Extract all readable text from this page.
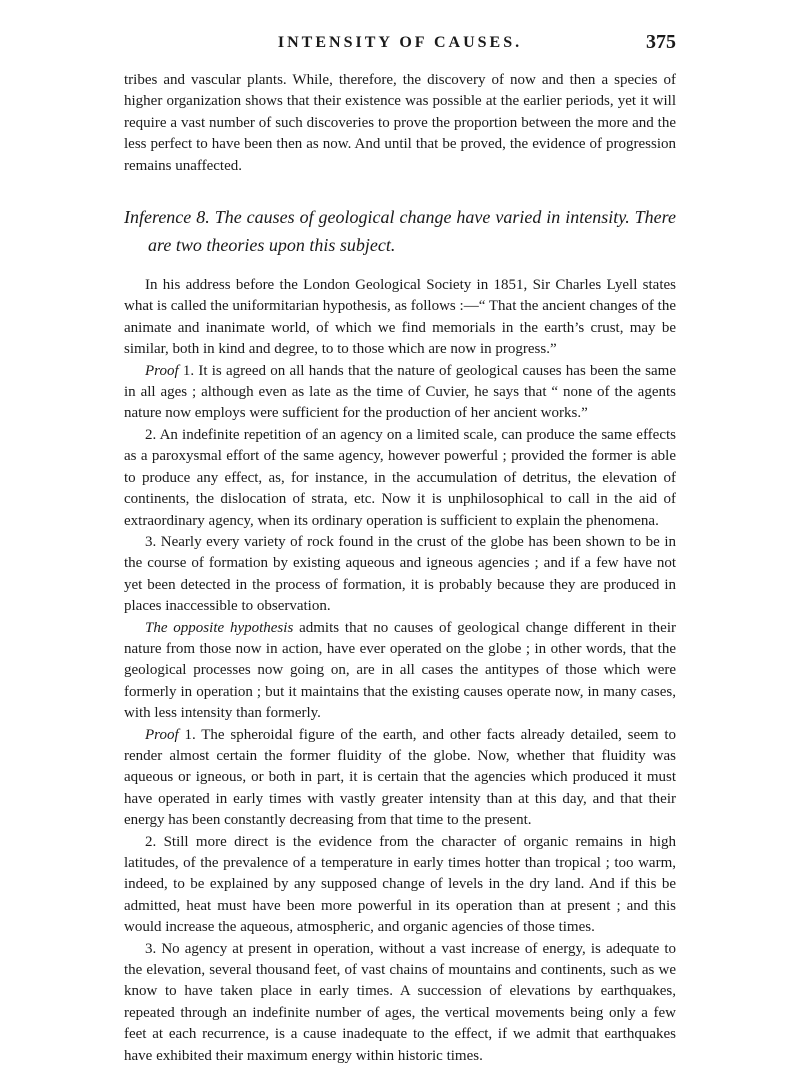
INTENSITY OF CAUSES.	375

tribes and vascular plants. While, therefore, the discovery of now and then a species of higher organization shows that their existence was possible at the earlier periods, yet it will require a vast number of such discoveries to prove the proportion between the more and the less perfect to have been then as now. And until that be proved, the evidence of progression remains unaffected.

Inference 8. The causes of geological change have varied in intensity. There are two theories upon this subject.

In his address before the London Geological Society in 1851, Sir Charles Lyell states what is called the uniformitarian hypothesis, as follows :—“ That the ancient changes of the animate and inanimate world, of which we find memorials in the earth’s crust, may be similar, both in kind and degree, to to those which are now in progress.”

Proof 1. It is agreed on all hands that the nature of geological causes has been the same in all ages ; although even as late as the time of Cuvier, he says that “ none of the agents nature now employs were sufficient for the production of her ancient works.”

2. An indefinite repetition of an agency on a limited scale, can produce the same effects as a paroxysmal effort of the same agency, however powerful ; provided the former is able to produce any effect, as, for instance, in the accumulation of detritus, the elevation of continents, the dislocation of strata, etc. Now it is unphilosophical to call in the aid of extraordinary agency, when its ordinary operation is sufficient to explain the phenomena.

3. Nearly every variety of rock found in the crust of the globe has been shown to be in the course of formation by existing aqueous and igneous agencies ; and if a few have not yet been detected in the process of formation, it is probably because they are produced in places inaccessible to observation.

The opposite hypothesis admits that no causes of geological change different in their nature from those now in action, have ever operated on the globe ; in other words, that the geological processes now going on, are in all cases the antitypes of those which were formerly in operation ; but it maintains that the existing causes operate now, in many cases, with less intensity than formerly.

Proof 1. The spheroidal figure of the earth, and other facts already detailed, seem to render almost certain the former fluidity of the globe. Now, whether that fluidity was aqueous or igneous, or both in part, it is certain that the agencies which produced it must have operated in early times with vastly greater intensity than at this day, and that their energy has been constantly decreasing from that time to the present.

2. Still more direct is the evidence from the character of organic remains in high latitudes, of the prevalence of a temperature in early times hotter than tropical ; too warm, indeed, to be explained by any supposed change of levels in the dry land. And if this be admitted, heat must have been more powerful in its operation than at present ; and this would increase the aqueous, atmospheric, and organic agencies of those times.

3. No agency at present in operation, without a vast increase of energy, is adequate to the elevation, several thousand feet, of vast chains of mountains and continents, such as we know to have taken place in early times. A succession of elevations by earthquakes, repeated through an indefinite number of ages, the vertical movements being only a few feet at each recurrence, is a cause inadequate to the effect, if we admit that earthquakes have exhibited their maximum energy within historic times.
